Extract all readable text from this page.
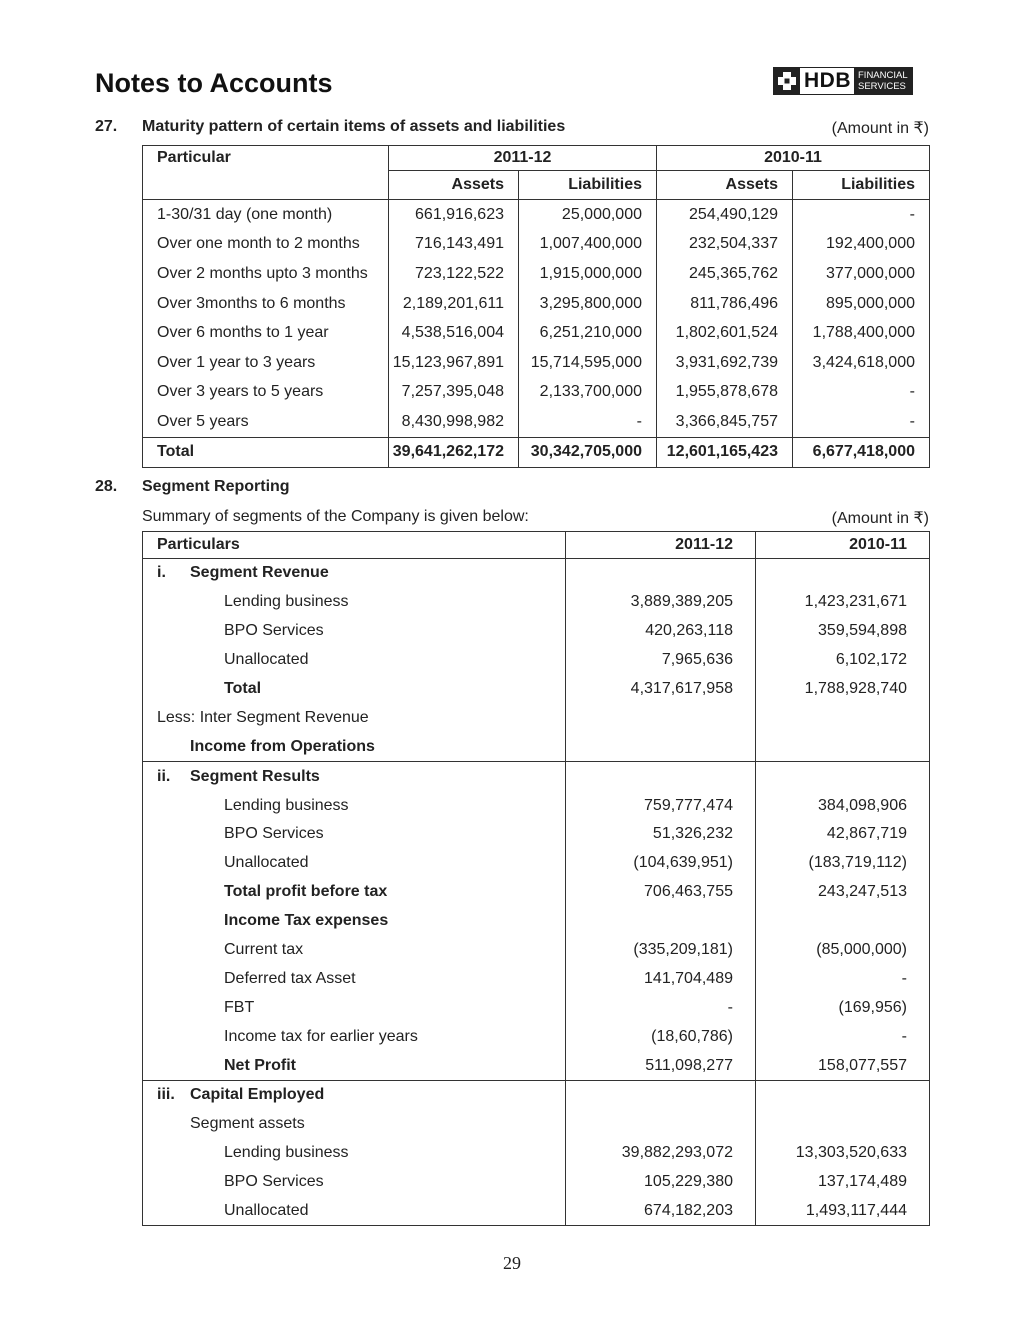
Notes to Accounts	HDB FINANCIAL
SERVICES
27. Maturity pattern of certain items of assets and liabilities	(Amount in ₹)
Particular	2011-12		2010-11	
	Assets	Liabilities	Assets	Liabilities
1-30/31 day (one month)	661,916,623	25,000,000	254,490,129	-
Over one month to 2 months	716,143,491	1,007,400,000	232,504,337	192,400,000
Over 2 months upto 3 months	723,122,522	1,915,000,000	245,365,762	377,000,000
Over 3months to 6 months	2,189,201,611	3,295,800,000	811,786,496	895,000,000
Over 6 months to 1 year	4,538,516,004	6,251,210,000	1,802,601,524	1,788,400,000
Over 1 year to 3 years	15,123,967,891	15,714,595,000	3,931,692,739	3,424,618,000
Over 3 years to 5 years	7,257,395,048	2,133,700,000	1,955,878,678	-
Over 5 years	8,430,998,982	-	3,366,845,757	-
Total	39,641,262,172	30,342,705,000	12,601,165,423	6,677,418,000
28. Segment Reporting
Summary of segments of the Company is given below:	(Amount in ₹)
Particulars	2011-12	2010-11
i. Segment Revenue		
Lending business	3,889,389,205	1,423,231,671
BPO Services	420,263,118	359,594,898
Unallocated	7,965,636	6,102,172
Total	4,317,617,958	1,788,928,740
Less: Inter Segment Revenue		
Income from Operations		
ii. Segment Results		
Lending business	759,777,474	384,098,906
BPO Services	51,326,232	42,867,719
Unallocated	(104,639,951)	(183,719,112)
Total profit before tax	706,463,755	243,247,513
Income Tax expenses		
Current tax	(335,209,181)	(85,000,000)
Deferred tax Asset	141,704,489	-
FBT	-	(169,956)
Income tax for earlier years	(18,60,786)	-
Net Profit	511,098,277	158,077,557
iii. Capital Employed		
Segment assets		
Lending business	39,882,293,072	13,303,520,633
BPO Services	105,229,380	137,174,489
Unallocated	674,182,203	1,493,117,444
29
